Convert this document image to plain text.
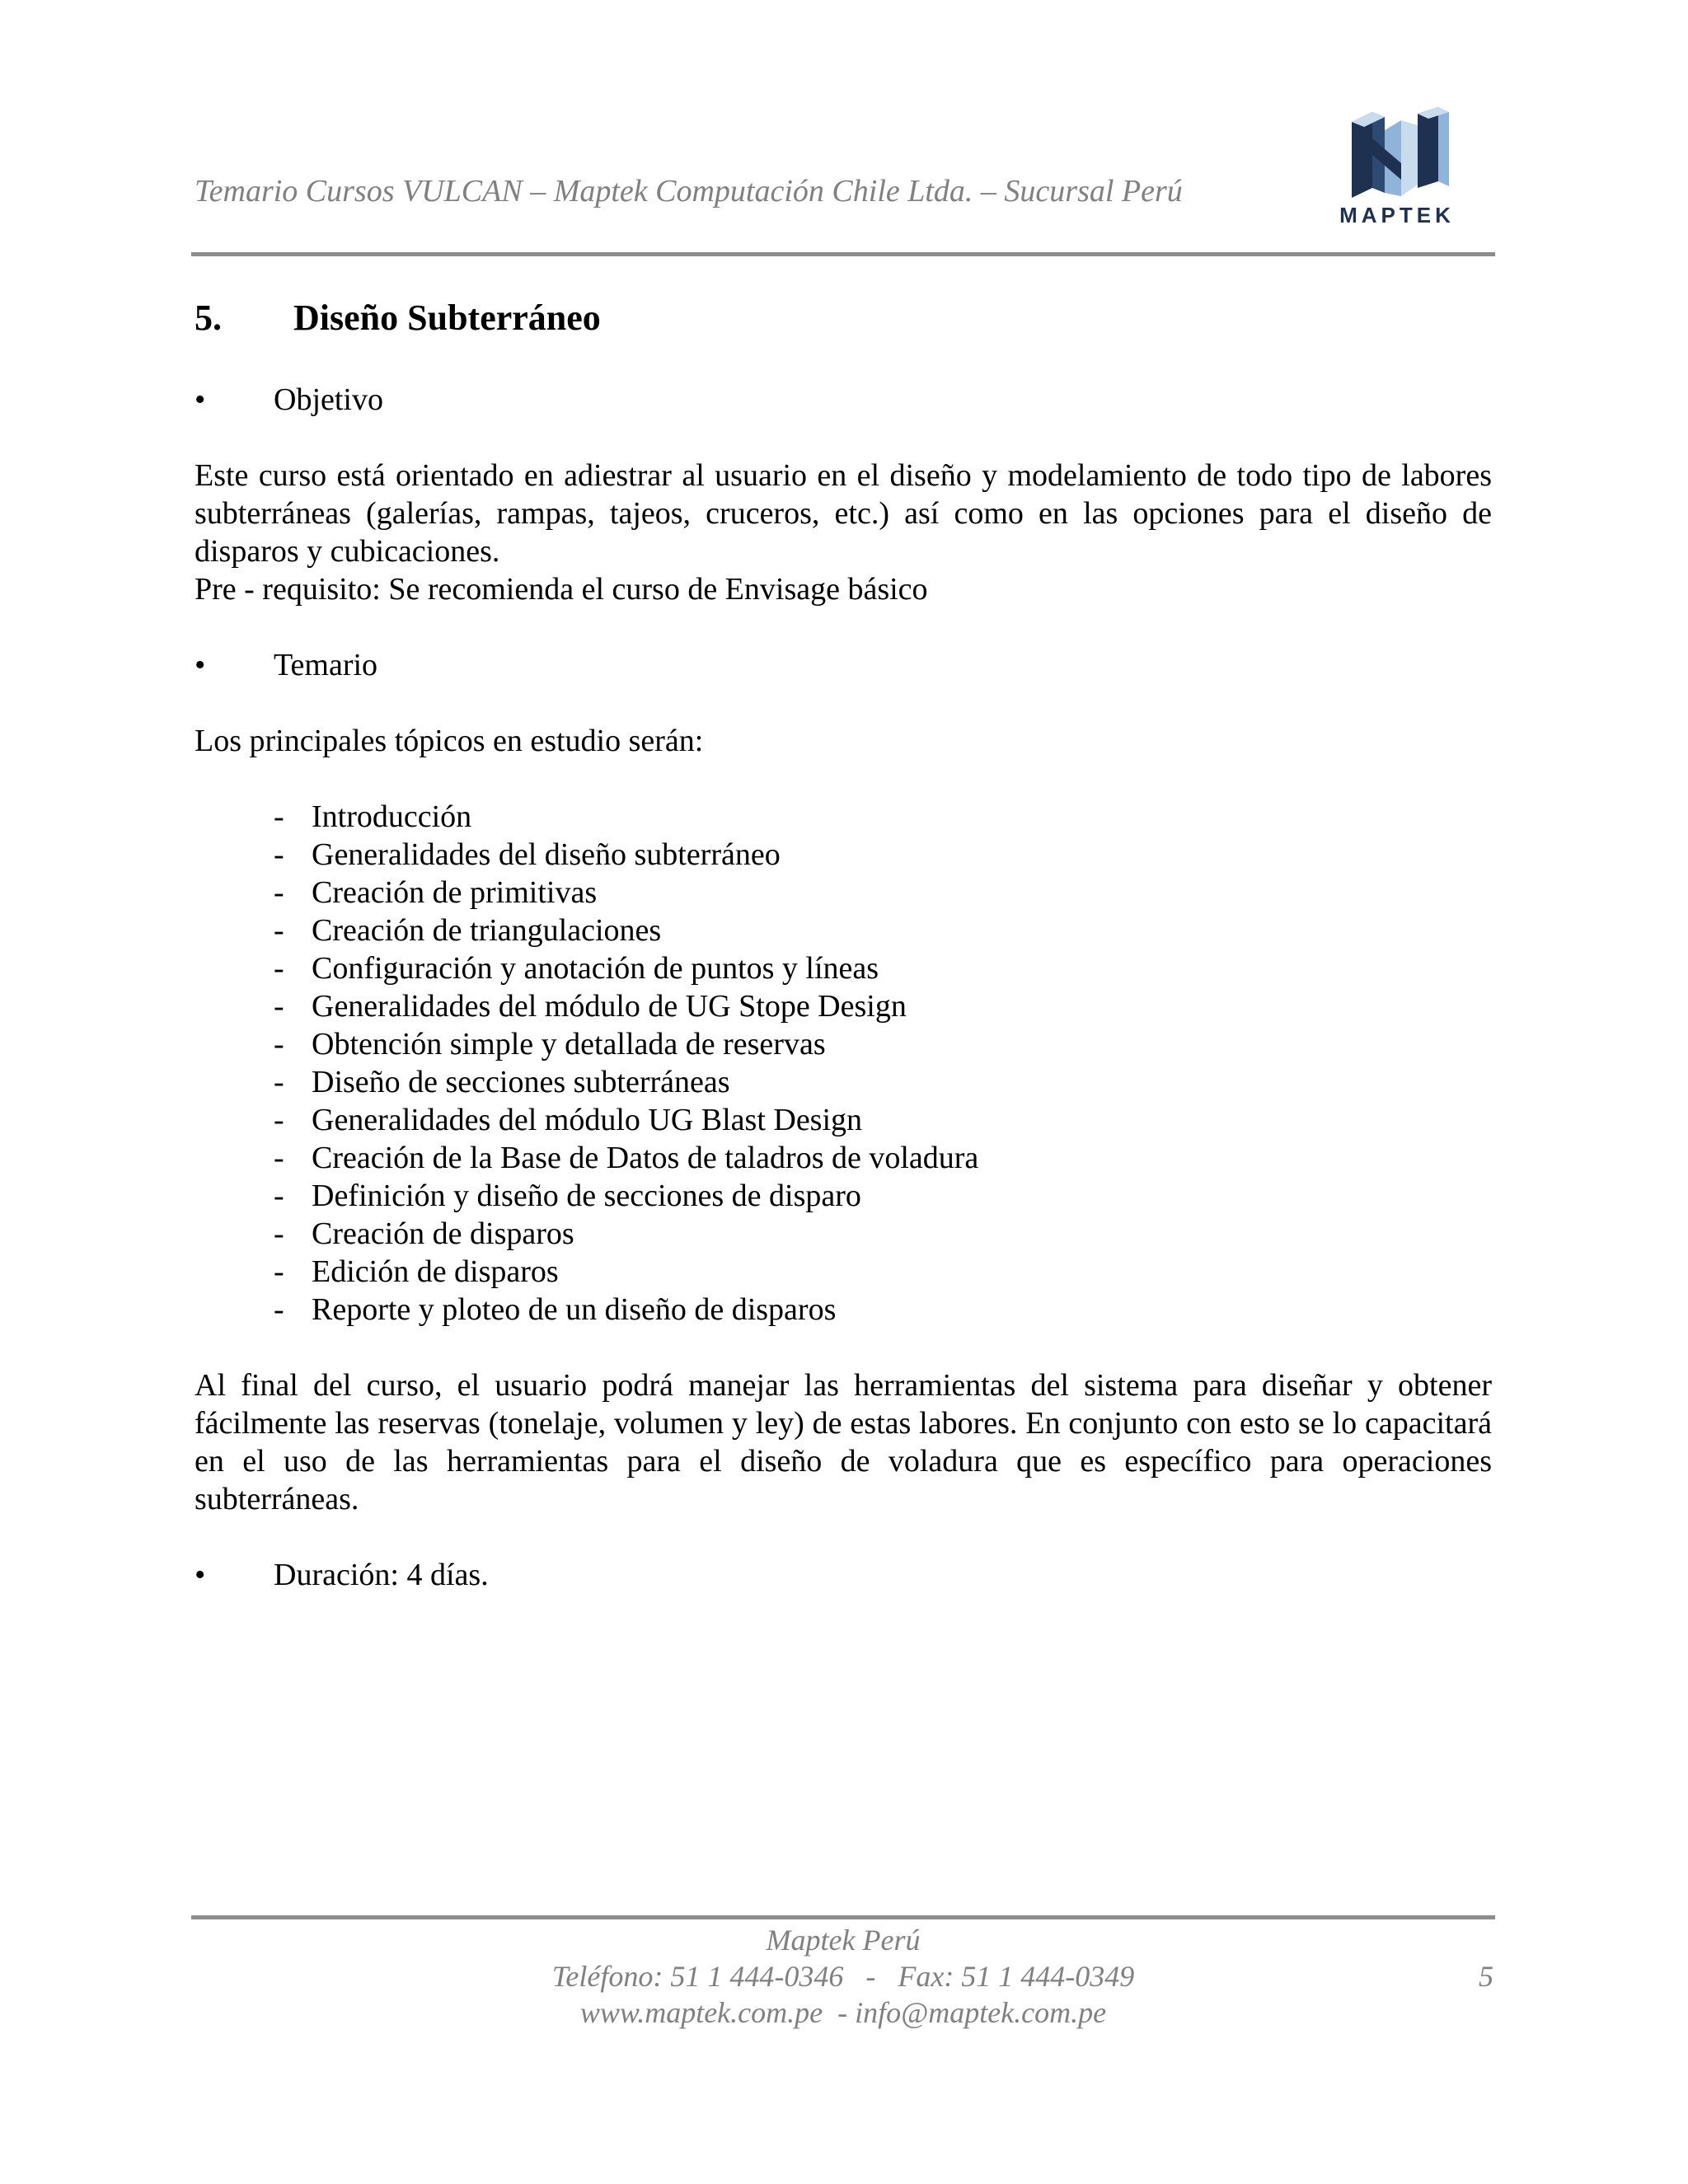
Temario Cursos VULCAN – Maptek Computación Chile Ltda. – Sucursal Perú
MAPTEK
5.	Diseño Subterráneo
•	Objetivo

Este curso está orientado en adiestrar al usuario en el diseño y modelamiento de todo tipo de labores subterráneas (galerías, rampas, tajeos, cruceros, etc.) así como en las opciones para el diseño de disparos y cubicaciones.

Pre - requisito: Se recomienda el curso de Envisage básico

•	Temario
Los principales tópicos en estudio serán:
- Introducción
- Generalidades del diseño subterráneo
- Creación de primitivas
- Creación de triangulaciones
- Configuración y anotación de puntos y líneas
- Generalidades del módulo de UG Stope Design
- Obtención simple y detallada de reservas
- Diseño de secciones subterráneas
- Generalidades del módulo UG Blast Design
- Creación de la Base de Datos de taladros de voladura
- Definición y diseño de secciones de disparo
- Creación de disparos
- Edición de disparos
- Reporte y ploteo de un diseño de disparos
Al final del curso, el usuario podrá manejar las herramientas del sistema para diseñar y obtener fácilmente las reservas (tonelaje, volumen y ley) de estas labores. En conjunto con esto se lo capacitará en el uso de las herramientas para el diseño de voladura que es específico para operaciones subterráneas.
•	Duración: 4 días.
Maptek Perú
Teléfono: 51 1 444-0346   -   Fax: 51 1 444-0349
www.maptek.com.pe  - info@maptek.com.pe
5
